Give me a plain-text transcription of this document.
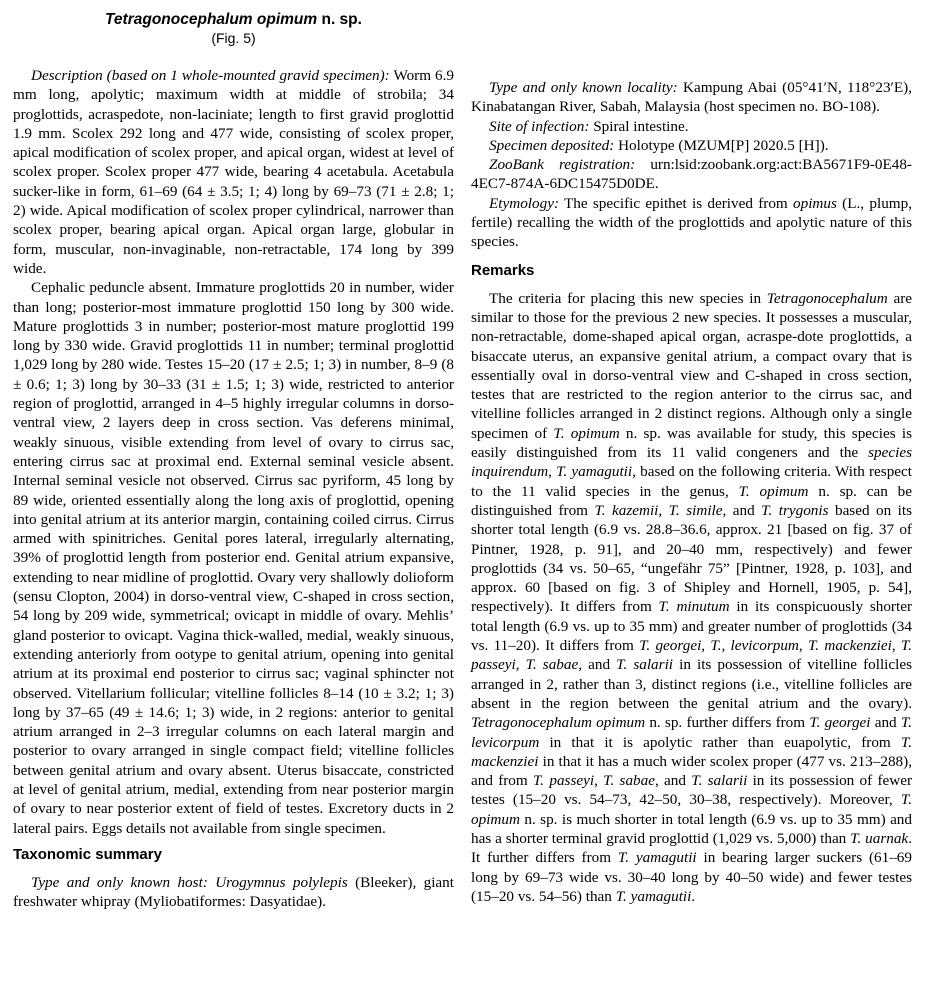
Tetragonocephalum opimum n. sp.
(Fig. 5)

Description (based on 1 whole-mounted gravid specimen): Worm 6.9 mm long, apolytic; maximum width at middle of strobila; 34 proglottids, acraspedote, non-laciniate; length to first gravid proglottid 1.9 mm. Scolex 292 long and 477 wide, consisting of scolex proper, apical modification of scolex proper, and apical organ, widest at level of scolex proper. Scolex proper 477 wide, bearing 4 acetabula. Acetabula sucker-like in form, 61–69 (64 ± 3.5; 1; 4) long by 69–73 (71 ± 2.8; 1; 2) wide. Apical modification of scolex proper cylindrical, narrower than scolex proper, bearing apical organ. Apical organ large, globular in form, muscular, non-invaginable, non-retractable, 174 long by 399 wide.

Cephalic peduncle absent. Immature proglottids 20 in number, wider than long; posterior-most immature proglottid 150 long by 300 wide. Mature proglottids 3 in number; posterior-most mature proglottid 199 long by 330 wide. Gravid proglottids 11 in number; terminal proglottid 1,029 long by 280 wide. Testes 15–20 (17 ± 2.5; 1; 3) in number, 8–9 (8 ± 0.6; 1; 3) long by 30–33 (31 ± 1.5; 1; 3) wide, restricted to anterior region of proglottid, arranged in 4–5 highly irregular columns in dorso-ventral view, 2 layers deep in cross section. Vas deferens minimal, weakly sinuous, visible extending from level of ovary to cirrus sac, entering cirrus sac at proximal end. External seminal vesicle absent. Internal seminal vesicle not observed. Cirrus sac pyriform, 45 long by 89 wide, oriented essentially along the long axis of proglottid, opening into genital atrium at its anterior margin, containing coiled cirrus. Cirrus armed with spinitriches. Genital pores lateral, irregularly alternating, 39% of proglottid length from posterior end. Genital atrium expansive, extending to near midline of proglottid. Ovary very shallowly dolioform (sensu Clopton, 2004) in dorso-ventral view, C-shaped in cross section, 54 long by 209 wide, symmetrical; ovicapt in middle of ovary. Mehlis’ gland posterior to ovicapt. Vagina thick-walled, medial, weakly sinuous, extending anteriorly from ootype to genital atrium, opening into genital atrium at its proximal end posterior to cirrus sac; vaginal sphincter not observed. Vitellarium follicular; vitelline follicles 8–14 (10 ± 3.2; 1; 3) long by 37–65 (49 ± 14.6; 1; 3) wide, in 2 regions: anterior to genital atrium arranged in 2–3 irregular columns on each lateral margin and posterior to ovary arranged in single compact field; vitelline follicles between genital atrium and ovary absent. Uterus bisaccate, constricted at level of genital atrium, medial, extending from near posterior margin of ovary to near posterior extent of field of testes. Excretory ducts in 2 lateral pairs. Eggs details not available from single specimen.

Taxonomic summary

Type and only known host: Urogymnus polylepis (Bleeker), giant freshwater whipray (Myliobatiformes: Dasyatidae).

Type and only known locality: Kampung Abai (05°41′N, 118°23′E), Kinabatangan River, Sabah, Malaysia (host specimen no. BO-108).

Site of infection: Spiral intestine.

Specimen deposited: Holotype (MZUM[P] 2020.5 [H]).

ZooBank registration: urn:lsid:zoobank.org:act:BA5671F9-0E48-4EC7-874A-6DC15475D0DE.

Etymology: The specific epithet is derived from opimus (L., plump, fertile) recalling the width of the proglottids and apolytic nature of this species.

Remarks

The criteria for placing this new species in Tetragonocephalum are similar to those for the previous 2 new species. It possesses a muscular, non-retractable, dome-shaped apical organ, acraspe-dote proglottids, a bisaccate uterus, an expansive genital atrium, a compact ovary that is essentially oval in dorso-ventral view and C-shaped in cross section, testes that are restricted to the region anterior to the cirrus sac, and vitelline follicles arranged in 2 distinct regions. Although only a single specimen of T. opimum n. sp. was available for study, this species is easily distinguished from its 11 valid congeners and the species inquirendum, T. yamagutii, based on the following criteria. With respect to the 11 valid species in the genus, T. opimum n. sp. can be distinguished from T. kazemii, T. simile, and T. trygonis based on its shorter total length (6.9 vs. 28.8–36.6, approx. 21 [based on fig. 37 of Pintner, 1928, p. 91], and 20–40 mm, respectively) and fewer proglottids (34 vs. 50–65, “ungefähr 75” [Pintner, 1928, p. 103], and approx. 60 [based on fig. 3 of Shipley and Hornell, 1905, p. 54], respectively). It differs from T. minutum in its conspicuously shorter total length (6.9 vs. up to 35 mm) and greater number of proglottids (34 vs. 11–20). It differs from T. georgei, T., levicorpum, T. mackenziei, T. passeyi, T. sabae, and T. salarii in its possession of vitelline follicles arranged in 2, rather than 3, distinct regions (i.e., vitelline follicles are absent in the region between the genital atrium and the ovary). Tetragonocephalum opimum n. sp. further differs from T. georgei and T. levicorpum in that it is apolytic rather than euapolytic, from T. mackenziei in that it has a much wider scolex proper (477 vs. 213–288), and from T. passeyi, T. sabae, and T. salarii in its possession of fewer testes (15–20 vs. 54–73, 42–50, 30–38, respectively). Moreover, T. opimum n. sp. is much shorter in total length (6.9 vs. up to 35 mm) and has a shorter terminal gravid proglottid (1,029 vs. 5,000) than T. uarnak. It further differs from T. yamagutii in bearing larger suckers (61–69 long by 69–73 wide vs. 30–40 long by 40–50 wide) and fewer testes (15–20 vs. 54–56) than T. yamagutii.
